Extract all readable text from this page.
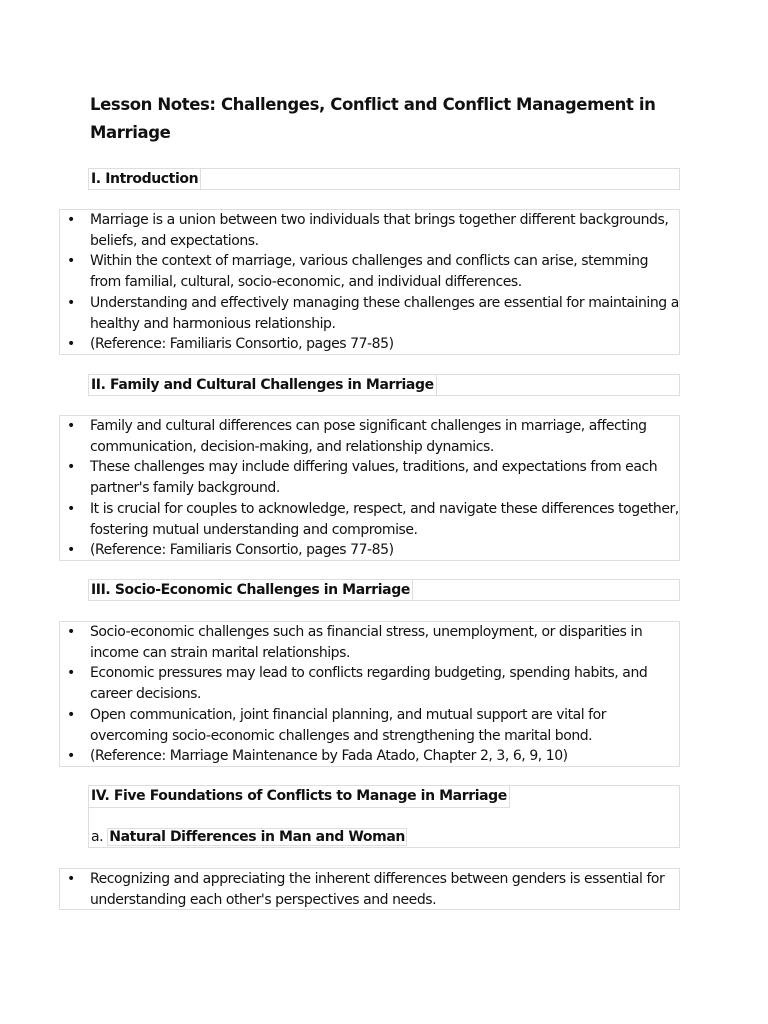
Lesson Notes: Challenges, Conflict and Conflict Management in Marriage
I. Introduction
• Marriage is a union between two individuals that brings together different backgrounds, beliefs, and expectations.
• Within the context of marriage, various challenges and conflicts can arise, stemming from familial, cultural, socio-economic, and individual differences.
• Understanding and effectively managing these challenges are essential for maintaining a healthy and harmonious relationship.
• (Reference: Familiaris Consortio, pages 77-85)
II. Family and Cultural Challenges in Marriage
• Family and cultural differences can pose significant challenges in marriage, affecting communication, decision-making, and relationship dynamics.
• These challenges may include differing values, traditions, and expectations from each partner's family background.
• It is crucial for couples to acknowledge, respect, and navigate these differences together, fostering mutual understanding and compromise.
• (Reference: Familiaris Consortio, pages 77-85)
III. Socio-Economic Challenges in Marriage
• Socio-economic challenges such as financial stress, unemployment, or disparities in income can strain marital relationships.
• Economic pressures may lead to conflicts regarding budgeting, spending habits, and career decisions.
• Open communication, joint financial planning, and mutual support are vital for overcoming socio-economic challenges and strengthening the marital bond.
• (Reference: Marriage Maintenance by Fada Atado, Chapter 2, 3, 6, 9, 10)
IV. Five Foundations of Conflicts to Manage in Marriage
a. Natural Differences in Man and Woman
• Recognizing and appreciating the inherent differences between genders is essential for understanding each other's perspectives and needs.
